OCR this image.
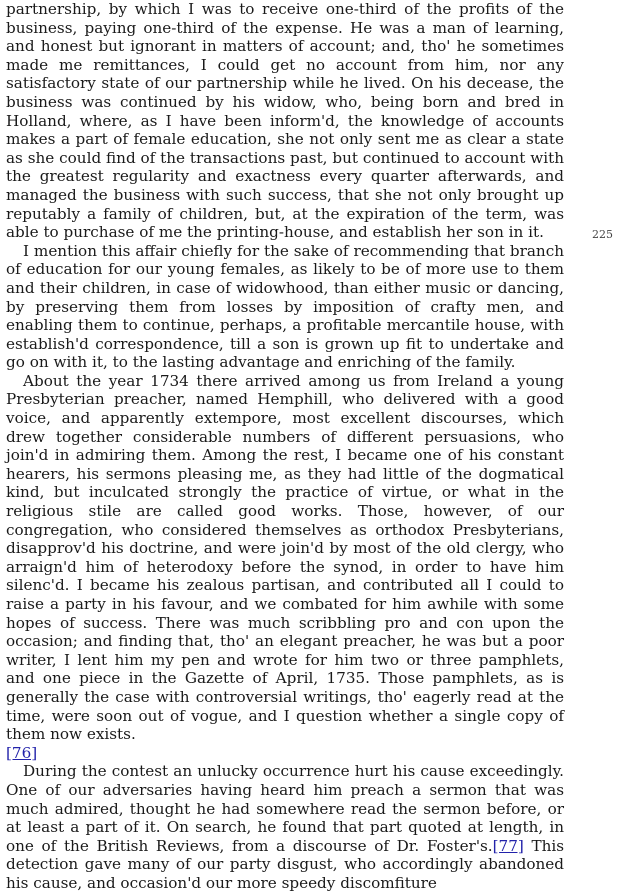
partnership, by which I was to receive one-third of the profits of the business, paying one-third of the expense. He was a man of learning, and honest but ignorant in matters of account; and, tho' he sometimes made me remittances, I could get no account from him, nor any satisfactory state of our partnership while he lived. On his decease, the business was continued by his widow, who, being born and bred in Holland, where, as I have been inform'd, the knowledge of accounts makes a part of female education, she not only sent me as clear a state as she could find of the transactions past, but continued to account with the greatest regularity and exactness every quarter afterwards, and managed the business with such success, that she not only brought up reputably a family of children, but, at the expiration of the term, was able to purchase of me the printing-house, and establish her son in it.

I mention this affair chiefly for the sake of recommending that branch of education for our young females, as likely to be of more use to them and their children, in case of widowhood, than either music or dancing, by preserving them from losses by imposition of crafty men, and enabling them to continue, perhaps, a profitable mercantile house, with establish'd correspondence, till a son is grown up fit to undertake and go on with it, to the lasting advantage and enriching of the family.

About the year 1734 there arrived among us from Ireland a young Presbyterian preacher, named Hemphill, who delivered with a good voice, and apparently extempore, most excellent discourses, which drew together considerable numbers of different persuasions, who join'd in admiring them. Among the rest, I became one of his constant hearers, his sermons pleasing me, as they had little of the dogmatical kind, but inculcated strongly the practice of virtue, or what in the religious stile are called good works. Those, however, of our congregation, who considered themselves as orthodox Presbyterians, disapprov'd his doctrine, and were join'd by most of the old clergy, who arraign'd him of heterodoxy before the synod, in order to have him silenc'd. I became his zealous partisan, and contributed all I could to raise a party in his favour, and we combated for him awhile with some hopes of success. There was much scribbling pro and con upon the occasion; and finding that, tho' an elegant preacher, he was but a poor writer, I lent him my pen and wrote for him two or three pamphlets, and one piece in the Gazette of April, 1735. Those pamphlets, as is generally the case with controversial writings, tho' eagerly read at the time, were soon out of vogue, and I question whether a single copy of them now exists.
[76]

During the contest an unlucky occurrence hurt his cause exceedingly. One of our adversaries having heard him preach a sermon that was much admired, thought he had somewhere read the sermon before, or at least a part of it. On search, he found that part quoted at length, in one of the British Reviews, from a discourse of Dr. Foster's.[77] This detection gave many of our party disgust, who accordingly abandoned his cause, and occasion'd our more speedy discomfiture

225
